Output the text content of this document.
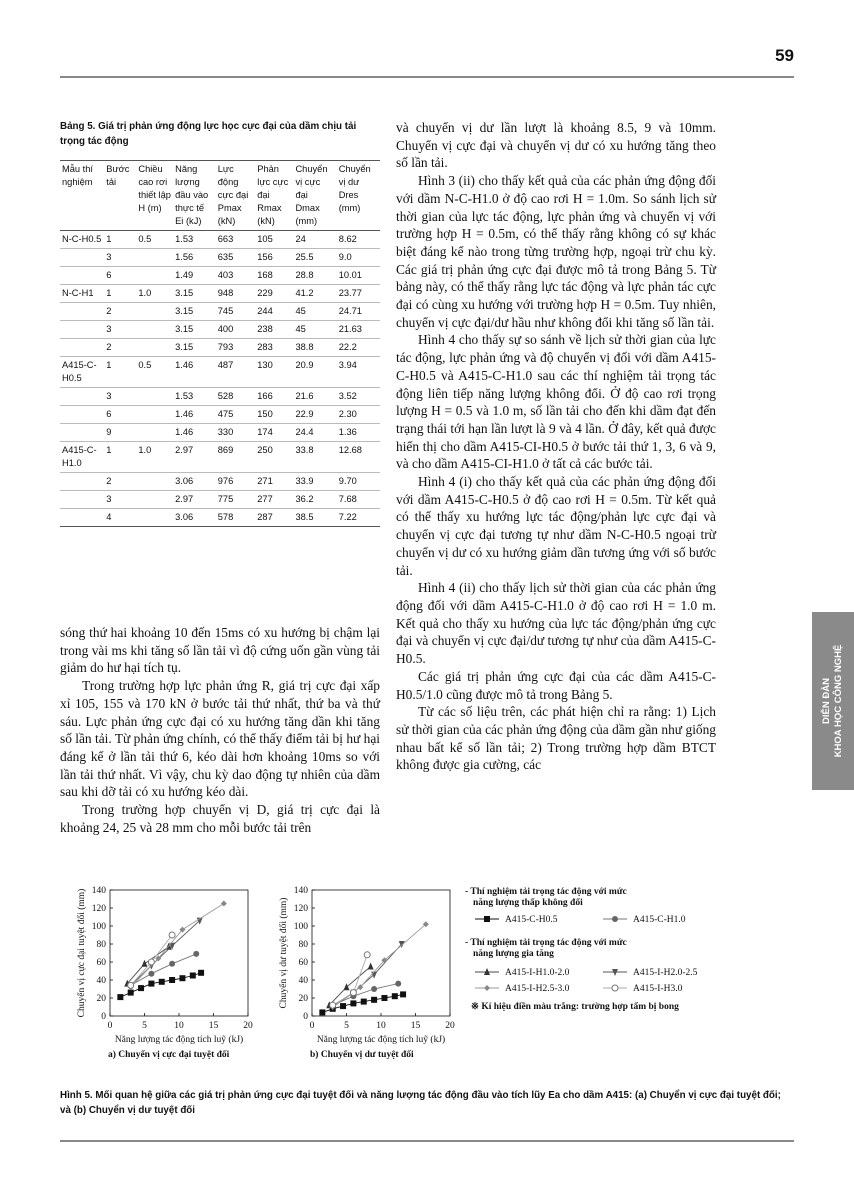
59
DIỄN ĐÀN
KHOA HỌC CÔNG NGHỆ
Bảng 5. Giá trị phản ứng động lực học cực đại của dầm chịu tải trọng tác động
Mẫu thí nghiệm	Bước tải	Chiều cao rơi thiết lập H (m)	Năng lượng đầu vào thực tế Ei (kJ)	Lực động cực đại Pmax (kN)	Phản lực cực đại Rmax (kN)	Chuyển vị cực đại Dmax (mm)	Chuyển vị dư Dres (mm)
N-C-H0.5	1	0.5	1.53	663	105	24	8.62
	3		1.56	635	156	25.5	9.0
	6		1.49	403	168	28.8	10.01
N-C-H1	1	1.0	3.15	948	229	41.2	23.77
	2		3.15	745	244	45	24.71
	3		3.15	400	238	45	21.63
	2		3.15	793	283	38.8	22.2
A415-C-H0.5	1	0.5	1.46	487	130	20.9	3.94
	3		1.53	528	166	21.6	3.52
	6		1.46	475	150	22.9	2.30
	9		1.46	330	174	24.4	1.36
A415-C-H1.0	1	1.0	2.97	869	250	33.8	12.68
	2		3.06	976	271	33.9	9.70
	3		2.97	775	277	36.2	7.68
	4		3.06	578	287	38.5	7.22

sóng thứ hai khoảng 10 đến 15ms có xu hướng bị chậm lại trong vài ms khi tăng số lần tải vì độ cứng uốn gần vùng tải giảm do hư hại tích tụ.

Trong trường hợp lực phản ứng R, giá trị cực đại xấp xỉ 105, 155 và 170 kN ở bước tải thứ nhất, thứ ba và thứ sáu. Lực phản ứng cực đại có xu hướng tăng dần khi tăng số lần tải. Từ phản ứng chính, có thể thấy điểm tải bị hư hại đáng kể ở lần tải thứ 6, kéo dài hơn khoảng 10ms so với lần tải thứ nhất. Vì vậy, chu kỳ dao động tự nhiên của dầm sau khi dỡ tải có xu hướng kéo dài.

Trong trường hợp chuyển vị D, giá trị cực đại là khoảng 24, 25 và 28 mm cho mỗi bước tải trên

và chuyển vị dư lần lượt là khoảng 8.5, 9 và 10mm. Chuyển vị cực đại và chuyển vị dư có xu hướng tăng theo số lần tải.

Hình 3 (ii) cho thấy kết quả của các phản ứng động đối với dầm N-C-H1.0 ở độ cao rơi H = 1.0m. So sánh lịch sử thời gian của lực tác động, lực phản ứng và chuyển vị với trường hợp H = 0.5m, có thể thấy rằng không có sự khác biệt đáng kể nào trong từng trường hợp, ngoại trừ chu kỳ. Các giá trị phản ứng cực đại được mô tả trong Bảng 5. Từ bảng này, có thể thấy rằng lực tác động và lực phản tác cực đại có cùng xu hướng với trường hợp H = 0.5m. Tuy nhiên, chuyển vị cực đại/dư hầu như không đổi khi tăng số lần tải.

Hình 4 cho thấy sự so sánh về lịch sử thời gian của lực tác động, lực phản ứng và độ chuyển vị đối với dầm A415-C-H0.5 và A415-C-H1.0 sau các thí nghiệm tải trọng tác động liên tiếp năng lượng không đổi. Ở độ cao rơi trọng lượng H = 0.5 và 1.0 m, số lần tải cho đến khi dầm đạt đến trạng thái tới hạn lần lượt là 9 và 4 lần. Ở đây, kết quả được hiển thị cho dầm A415-CI-H0.5 ở bước tải thứ 1, 3, 6 và 9, và cho dầm A415-CI-H1.0 ở tất cả các bước tải.

Hình 4 (i) cho thấy kết quả của các phản ứng động đối với dầm A415-C-H0.5 ở độ cao rơi H = 0.5m. Từ kết quả có thể thấy xu hướng lực tác động/phản lực cực đại và chuyển vị cực đại tương tự như dầm N-C-H0.5 ngoại trừ chuyển vị dư có xu hướng giảm dần tương ứng với số bước tải.

Hình 4 (ii) cho thấy lịch sử thời gian của các phản ứng động đối với dầm A415-C-H1.0 ở độ cao rơi H = 1.0 m. Kết quả cho thấy xu hướng của lực tác động/phản ứng cực đại và chuyển vị cực đại/dư tương tự như của dầm A415-C-H0.5.

Các giá trị phản ứng cực đại của các dầm A415-C-H0.5/1.0 cũng được mô tả trong Bảng 5.

Từ các số liệu trên, các phát hiện chỉ ra rằng: 1) Lịch sử thời gian của các phản ứng động của dầm gần như giống nhau bất kể số lần tải; 2) Trong trường hợp dầm BTCT không được gia cường, các

0
20
40
60
80
100
120
140
0	5	10	15	20
Năng lượng tác động tích luỹ (kJ)
a) Chuyển vị cực đại tuyệt đối
Chuyển vị cực đại tuyệt đối (mm)	0
20
40
60
80
100
120
140
0	5	10	15	20
Năng lượng tác động tích luỹ (kJ)
b) Chuyển vị dư tuyệt đối
Chuyển vị dư tuyệt đối (mm)
- Thí nghiệm tải trọng tác động với mức
năng lượng thấp không đổi
A415-C-H0.5	A415-C-H1.0
- Thí nghiệm tải trọng tác động với mức
năng lượng gia tăng
A415-I-H1.0-2.0	A415-I-H2.0-2.5
A415-I-H2.5-3.0	A415-I-H3.0
※ Kí hiệu điền màu trắng: trường hợp tấm bị bong
Hình 5. Mối quan hệ giữa các giá trị phản ứng cực đại tuyệt đối và năng lượng tác động đầu vào tích lũy Ea cho dầm A415: (a) Chuyển vị cực đại tuyệt đối; và (b) Chuyển vị dư tuyệt đối
